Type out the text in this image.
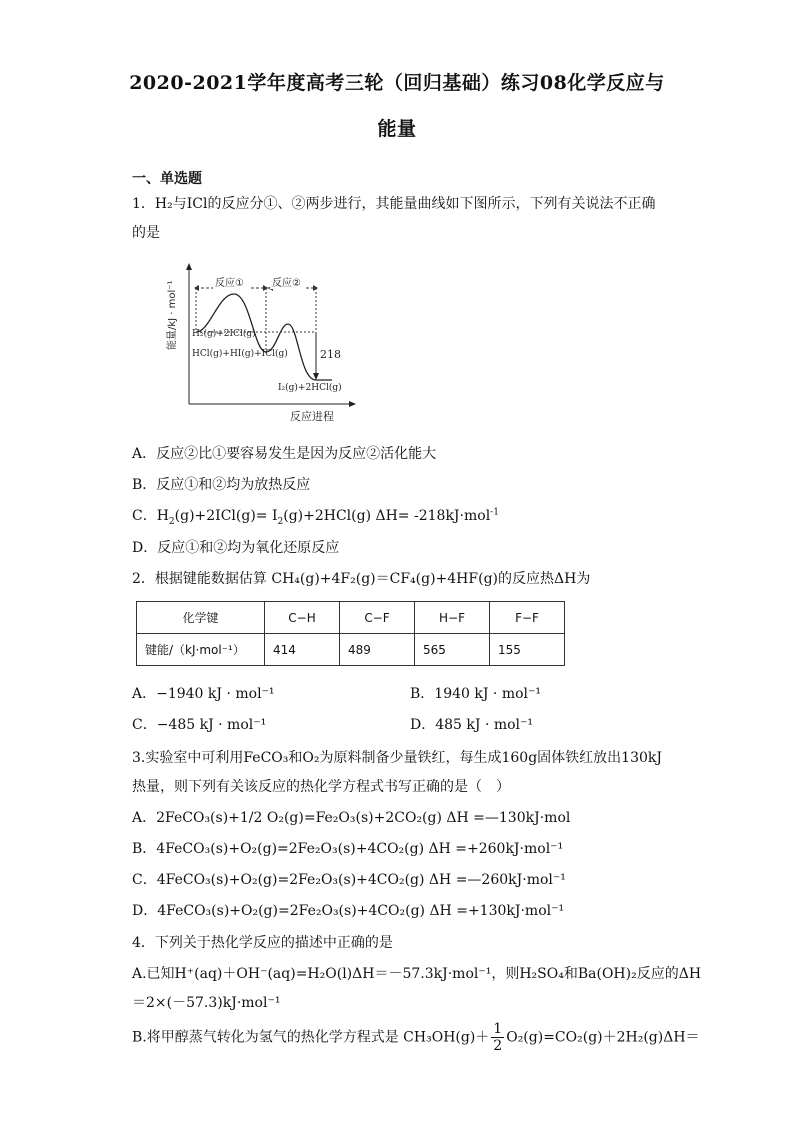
2020-2021学年度高考三轮（回归基础）练习08化学反应与
能量
一、单选题
1．H₂与ICl的反应分①、②两步进行，其能量曲线如下图所示，下列有关说法不正确
的是
能量/kJ · mol⁻¹
反应进程
反应①	反应②
H₂(g)+2ICl(g)
HCl(g)+HI(g)+ICl(g)
I₂(g)+2HCl(g)
218
A．反应②比①要容易发生是因为反应②活化能大
B．反应①和②均为放热反应
C．$H_2(g)+2ICl(g)= I_2(g)+2HCl(g)$ ΔH= -218kJ·mol$^{-1}$
D．反应①和②均为氧化还原反应
2．根据键能数据估算 CH₄(g)+4F₂(g)＝CF₄(g)+4HF(g)的反应热ΔH为
化学键	C−H	C−F	H−F	F−F
键能/（kJ·mol⁻¹）	414	489	565	155
A．−1940 kJ · mol⁻¹	B．1940 kJ · mol⁻¹
C．−485 kJ · mol⁻¹	D．485 kJ · mol⁻¹
3.实验室中可利用FeCO₃和O₂为原料制备少量铁红，每生成160g固体铁红放出130kJ
热量，则下列有关该反应的热化学方程式书写正确的是（　）
A．2FeCO₃(s)+1/2 O₂(g)=Fe₂O₃(s)+2CO₂(g) ΔH =—130kJ·mol
B．4FeCO₃(s)+O₂(g)=2Fe₂O₃(s)+4CO₂(g) ΔH =+260kJ·mol⁻¹
C．4FeCO₃(s)+O₂(g)=2Fe₂O₃(s)+4CO₂(g) ΔH =—260kJ·mol⁻¹
D．4FeCO₃(s)+O₂(g)=2Fe₂O₃(s)+4CO₂(g) ΔH =+130kJ·mol⁻¹
4．下列关于热化学反应的描述中正确的是
A.已知H⁺(aq)＋OH⁻(aq)=H₂O(l)ΔH＝－57.3kJ·mol⁻¹，则H₂SO₄和Ba(OH)₂反应的ΔH
＝2×(－57.3)kJ·mol⁻¹
B.将甲醇蒸气转化为氢气的热化学方程式是 $CH_3OH(g)+ \frac{1}{2} O_2(g)=CO_2(g)+2H_2(g)\Delta H=$
